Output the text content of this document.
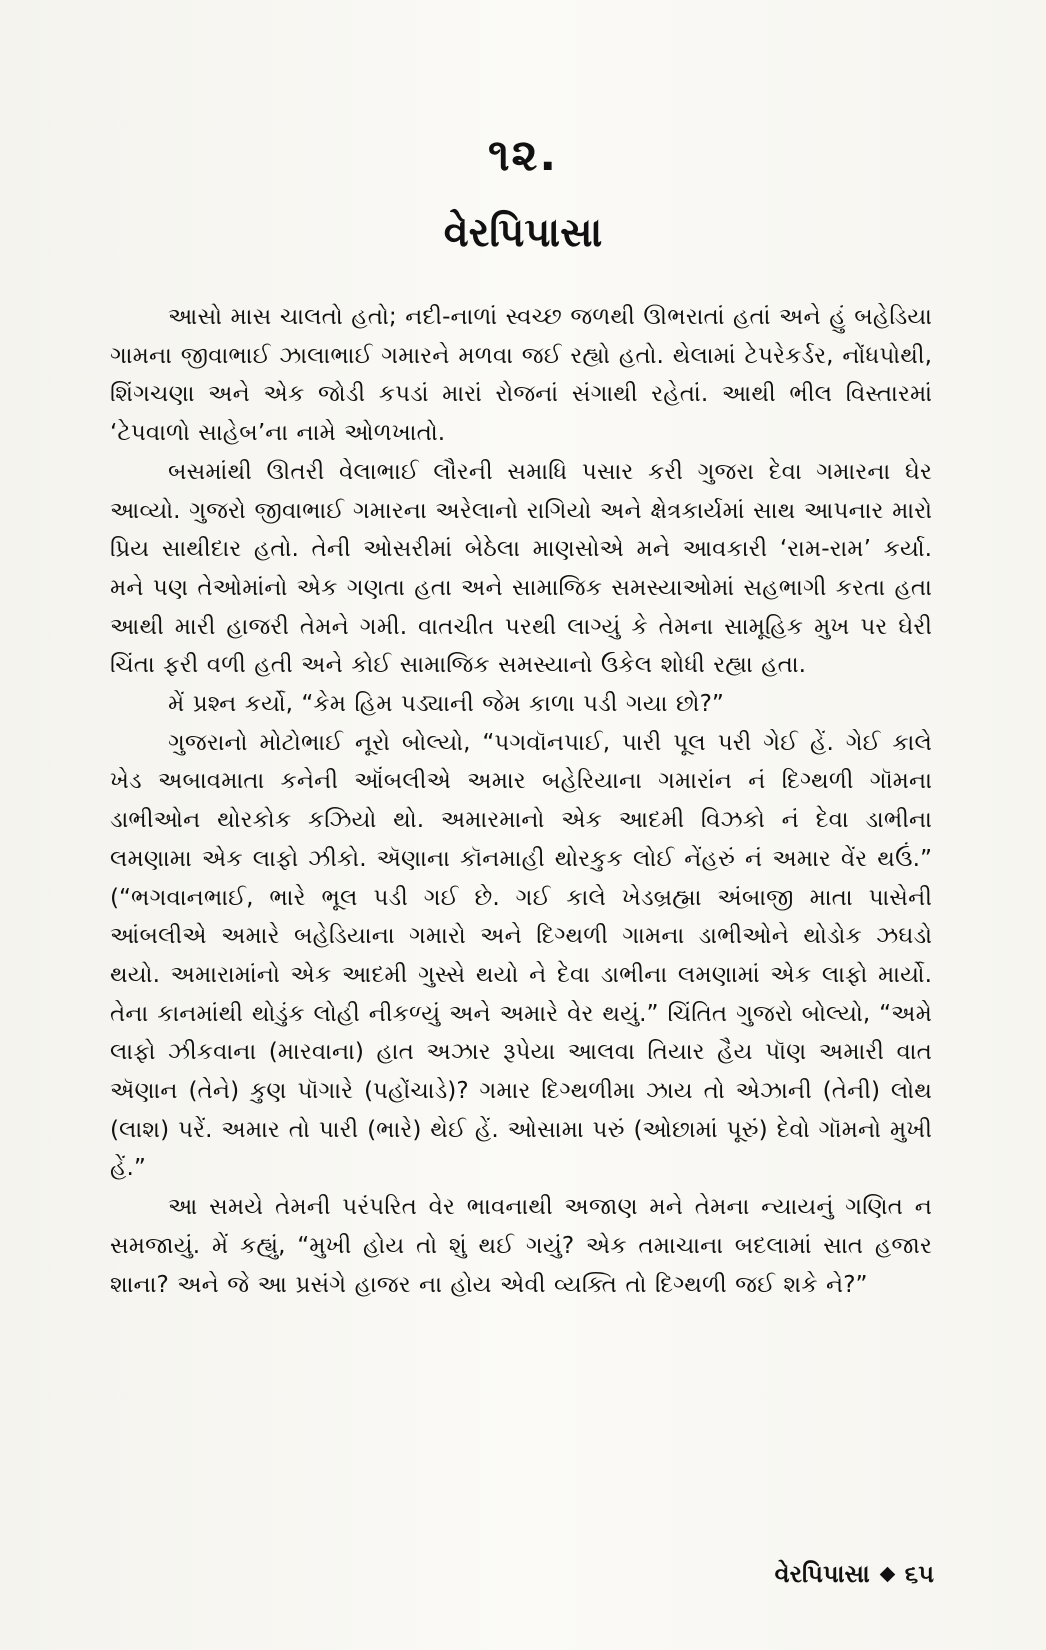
૧૨.
વેરપિપાસા

આસો માસ ચાલતો હતો; નદી-નાળાં સ્વચ્છ જળથી ઊભરાતાં હતાં અને હું બહેડિયા ગામના જીવાભાઈ ઝાલાભાઈ ગમારને મળવા જઈ રહ્યો હતો. થેલામાં ટેપરેકર્ડર, નોંધપોથી, શિંગચણા અને એક જોડી કપડાં મારાં રોજનાં સંગાથી રહેતાં. આથી ભીલ વિસ્તારમાં ‘ટેપવાળો સાહેબ’ના નામે ઓળખાતો.

બસમાંથી ઊતરી વેલાભાઈ લૌરની સમાધિ પસાર કરી ગુજરા દેવા ગમારના ઘેર આવ્યો. ગુજરો જીવાભાઈ ગમારના અરેલાનો રાગિયો અને ક્ષેત્રકાર્યમાં સાથ આપનાર મારો પ્રિય સાથીદાર હતો. તેની ઓસરીમાં બેઠેલા માણસોએ મને આવકારી ‘રામ-રામ’ કર્યા. મને પણ તેઓમાંનો એક ગણતા હતા અને સામાજિક સમસ્યાઓમાં સહભાગી કરતા હતા આથી મારી હાજરી તેમને ગમી. વાતચીત પરથી લાગ્યું કે તેમના સામૂહિક મુખ પર ઘેરી ચિંતા ફરી વળી હતી અને કોઈ સામાજિક સમસ્યાનો ઉકેલ શોધી રહ્યા હતા.

મેં પ્રશ્ન કર્યો, “કેમ હિમ પડ્યાની જેમ કાળા પડી ગયા છો?”

ગુજરાનો મોટોભાઈ નૂરો બોલ્યો, “પગવૉનપાઈ, પારી પૂલ પરી ગેઈ હેં. ગેઈ કાલે ખેડ અબાવમાતા કનેની ઑંબલીએ અમાર બહેરિયાના ગમારાંન નં દિગ્થળી ગૉમના ડાભીઓન થોરકોક કઝિયો થો. અમારમાનો એક આદમી વિઝકો નં દેવા ડાભીના લમણામા એક લાફો ઝીકો. ઍણાના કૉનમાહી થોરકુક લોઈ નેંહરું નં અમાર વેંર થઉં.” (“ભગવાનભાઈ, ભારે ભૂલ પડી ગઈ છે. ગઈ કાલે ખેડબ્રહ્મા અંબાજી માતા પાસેની આંબલીએ અમારે બહેડિયાના ગમારો અને દિગ્થળી ગામના ડાભીઓને થોડોક ઝઘડો થયો. અમારામાંનો એક આદમી ગુસ્સે થયો ને દેવા ડાભીના લમણામાં એક લાફો માર્યો. તેના કાનમાંથી થોડુંક લોહી નીકળ્યું અને અમારે વેર થયું.” ચિંતિત ગુજરો બોલ્યો, “અમે લાફો ઝીકવાના (મારવાના) હાત અઝાર રૂપેયા આલવા તિયાર હૈય પૉણ અમારી વાત ઍણાન (તેને) કુણ પૉગારે (પહોંચાડે)? ગમાર દિગ્થળીમા ઝાય તો એઝાની (તેની) લોથ (લાશ) પરેં. અમાર તો પારી (ભારે) થેઈ હેં. ઓસામા પરું (ઓછામાં પૂરું) દેવો ગૉમનો મુખી હેં.”

આ સમયે તેમની પરંપરિત વેર ભાવનાથી અજાણ મને તેમના ન્યાયનું ગણિત ન સમજાયું. મેં કહ્યું, “મુખી હોય તો શું થઈ ગયું? એક તમાચાના બદલામાં સાત હજાર શાના? અને જે આ પ્રસંગે હાજર ના હોય એવી વ્યક્તિ તો દિગ્થળી જઈ શકે ને?”

વેરપિપાસા ૬૫
